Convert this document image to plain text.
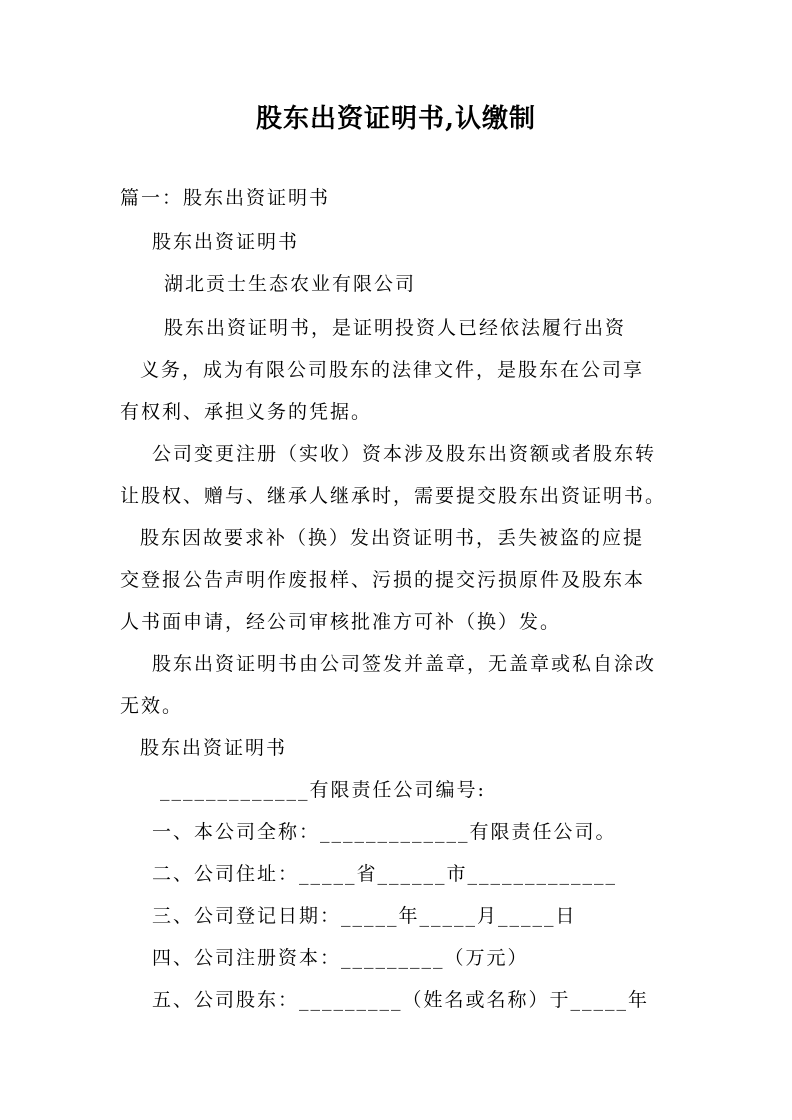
股东出资证明书,认缴制
篇一：股东出资证明书
股东出资证明书
湖北贡士生态农业有限公司
股东出资证明书，是证明投资人已经依法履行出资
义务，成为有限公司股东的法律文件，是股东在公司享
有权利、承担义务的凭据。
公司变更注册（实收）资本涉及股东出资额或者股东转
让股权、赠与、继承人继承时，需要提交股东出资证明书。
股东因故要求补（换）发出资证明书，丢失被盗的应提
交登报公告声明作废报样、污损的提交污损原件及股东本
人书面申请，经公司审核批准方可补（换）发。
股东出资证明书由公司签发并盖章，无盖章或私自涂改
无效。
股东出资证明书
_____________有限责任公司编号:
一、本公司全称：_____________有限责任公司。
二、公司住址：_____省______市_____________
三、公司登记日期：_____年_____月_____日
四、公司注册资本：_________（万元）
五、公司股东：_________（姓名或名称）于_____年
